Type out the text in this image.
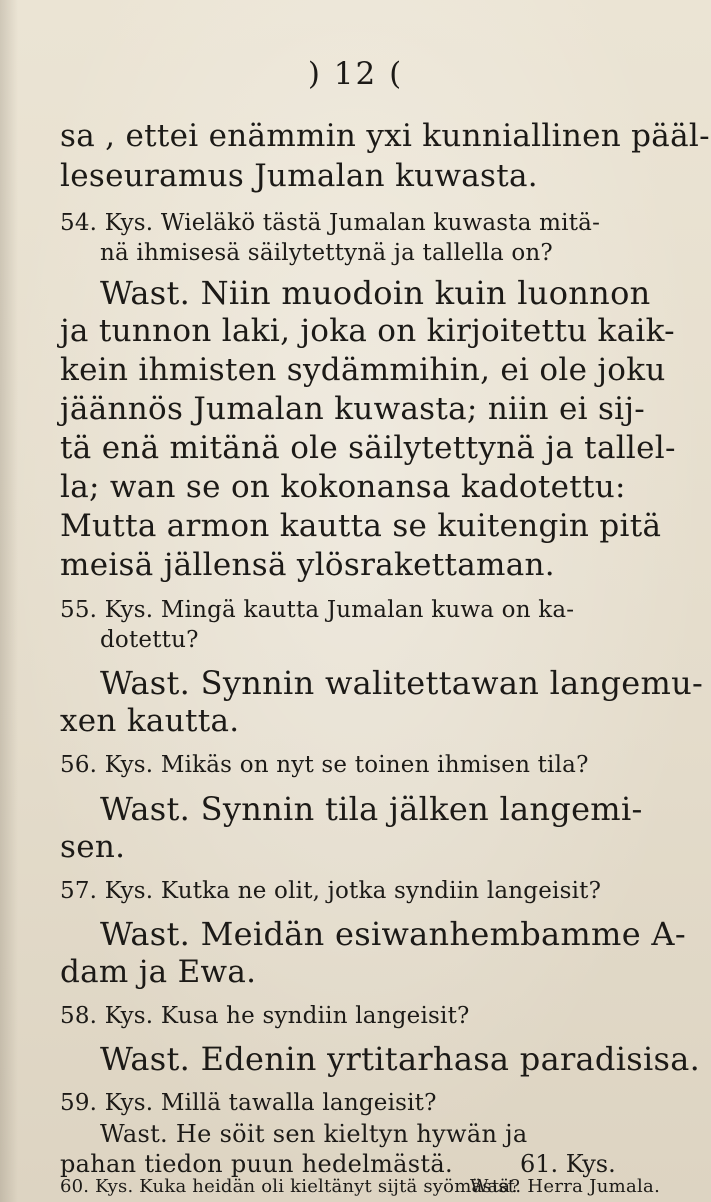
) 12 (
sa , ettei enämmin yxi kunniallinen pääl-
leseuramus Jumalan kuwasta.
54. Kys. Wieläkö tästä Jumalan kuwasta mitä-
nä ihmisesä säilytettynä ja tallella on?
Wast. Niin muodoin kuin luonnon
ja tunnon laki, joka on kirjoitettu kaik-
kein ihmisten sydämmihin, ei ole joku
jäännös Jumalan kuwasta; niin ei sij-
tä enä mitänä ole säilytettynä ja tallel-
la; wan se on kokonansa kadotettu:
Mutta armon kautta se kuitengin pitä
meisä jällensä ylösrakettaman.
55. Kys. Mingä kautta Jumalan kuwa on ka-
dotettu?
Wast. Synnin walitettawan langemu-
xen kautta.
56. Kys. Mikäs on nyt se toinen ihmisen tila?
Wast. Synnin tila jälken langemi-
sen.
57. Kys. Kutka ne olit, jotka syndiin langeisit?
Wast. Meidän esiwanhembamme A-
dam ja Ewa.
58. Kys. Kusa he syndiin langeisit?
Wast. Edenin yrtitarhasa paradisisa.
59. Kys. Millä tawalla langeisit?
Wast. He söit sen kieltyn hywän ja
pahan tiedon puun hedelmästä.
60. Kys. Kuka heidän oli kieltänyt sijtä syömästä?
Wast. Herra Jumala.
61. Kys.
